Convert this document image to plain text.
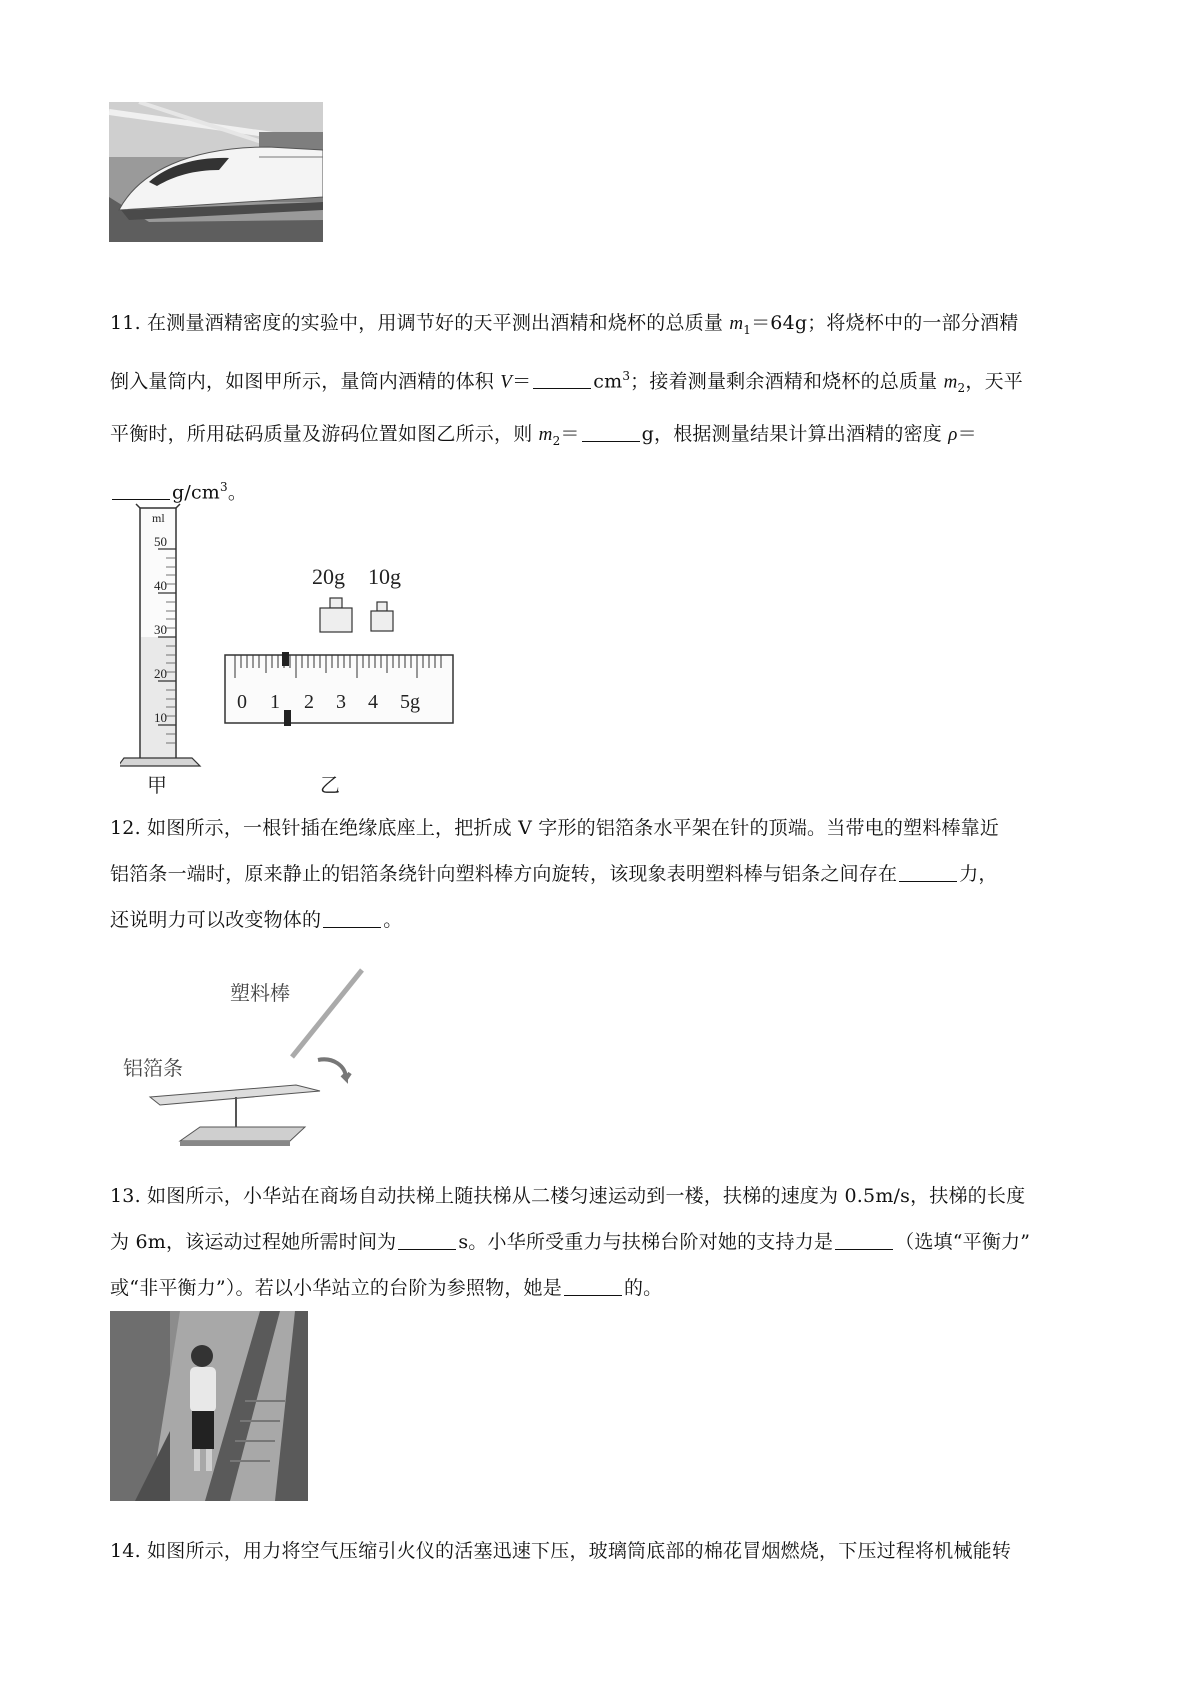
11. 在测量酒精密度的实验中，用调节好的天平测出酒精和烧杯的总质量 $m_1=64g$；将烧杯中的一部分酒精
倒入量筒内，如图甲所示，量筒内酒精的体积 V＝	$cm^3$；接着测量剩余酒精和烧杯的总质量 $m_2$，天平
平衡时，所用砝码质量及游码位置如图乙所示，则 $m_2=$	g，根据测量结果计算出酒精的密度 ρ＝
$g/cm^3$。
ml
50
40
30
20
10
甲
20g 10g
0 1 2 3 4 5g
乙
12. 如图所示，一根针插在绝缘底座上，把折成 V 字形的铝箔条水平架在针的顶端。当带电的塑料棒靠近
铝箔条一端时，原来静止的铝箔条绕针向塑料棒方向旋转，该现象表明塑料棒与铝条之间存在	力，
还说明力可以改变物体的	。
塑料棒
铝箔条
13. 如图所示，小华站在商场自动扶梯上随扶梯从二楼匀速运动到一楼，扶梯的速度为 0.5m/s，扶梯的长度
为 6m，该运动过程她所需时间为	s。小华所受重力与扶梯台阶对她的支持力是	（选填“平衡力”
或“非平衡力”）。若以小华站立的台阶为参照物，她是	的。
14. 如图所示，用力将空气压缩引火仪的活塞迅速下压，玻璃筒底部的棉花冒烟燃烧，下压过程将机械能转
